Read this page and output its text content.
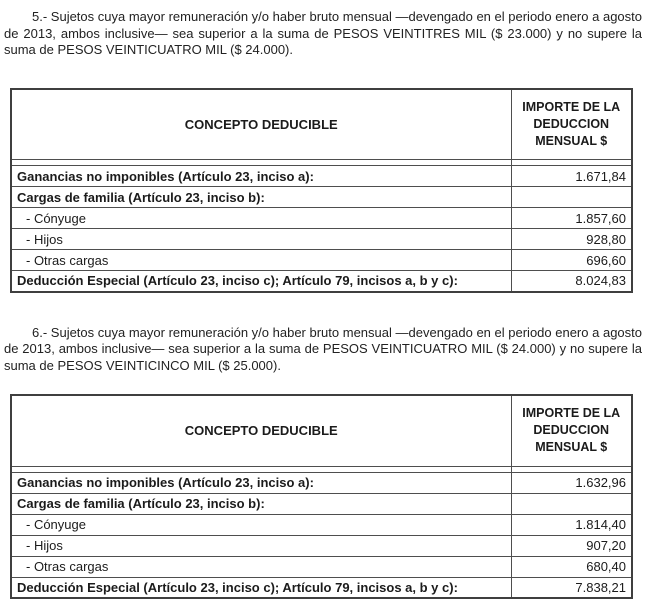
5.- Sujetos cuya mayor remuneración y/o haber bruto mensual —devengado en el periodo enero a agosto de 2013, ambos inclusive— sea superior a la suma de PESOS VEINTITRES MIL ($ 23.000) y no supere la suma de PESOS VEINTICUATRO MIL ($ 24.000).

CONCEPTO DEDUCIBLE	IMPORTE DE LA DEDUCCION MENSUAL $

Ganancias no imponibles (Artículo 23, inciso a):	1.671,84
Cargas de familia (Artículo 23, inciso b):	
- Cónyuge	1.857,60
- Hijos	928,80
- Otras cargas	696,60
Deducción Especial (Artículo 23, inciso c); Artículo 79, incisos a, b y c):	8.024,83

6.- Sujetos cuya mayor remuneración y/o haber bruto mensual —devengado en el periodo enero a agosto de 2013, ambos inclusive— sea superior a la suma de PESOS VEINTICUATRO MIL ($ 24.000) y no supere la suma de PESOS VEINTICINCO MIL ($ 25.000).

CONCEPTO DEDUCIBLE	IMPORTE DE LA DEDUCCION MENSUAL $

Ganancias no imponibles (Artículo 23, inciso a):	1.632,96
Cargas de familia (Artículo 23, inciso b):	
- Cónyuge	1.814,40
- Hijos	907,20
- Otras cargas	680,40
Deducción Especial (Artículo 23, inciso c); Artículo 79, incisos a, b y c):	7.838,21
